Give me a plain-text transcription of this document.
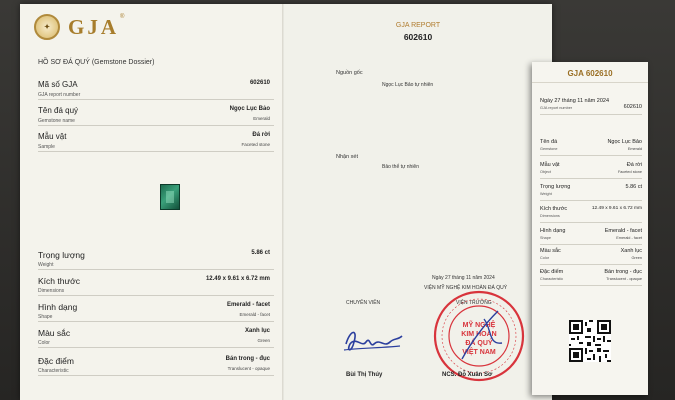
✦ GJA ®
HỒ SƠ ĐÁ QUÝ (Gemstone Dossier)
Mã số GJA
GJA report number
602610
Tên đá quý
Gemstone name
Ngọc Lục Bảo
Emerald
Mẫu vật
Sample
Đá rời
Faceted stone
Trọng lượng
Weight
5.86 ct
Kích thước
Dimensions
12.49 x 9.61 x 6.72 mm
Hình dạng
Shape
Emerald - facet
Emerald - facet
Màu sắc
Color
Xanh lục
Green
Đặc điểm
Characteristic
Bán trong - đục
Translucent - opaque
GJA REPORT
602610
Nguồn gốc
Ngọc Lục Bảo tự nhiên
Nhận xét
Bảo thể tự nhiên
Ngày 27 tháng 11 năm 2024
VIỆN MỸ NGHỆ KIM HOÀN ĐÁ QUÝ
VIỆN TRƯỞNG
CHUYÊN VIÊN
MỸ NGHỆ
KIM HOÀN
ĐÁ QUÝ
VIỆT NAM
Bùi Thị Thúy	NCS. Đỗ Xuân Sơ
GJA 602610
Ngày 27 tháng 11 năm 2024
GJA report number	602610
Tên đá
Gemstone
Ngọc Lục Bảo
Emerald
Mẫu vật
Object
Đá rời
Faceted stone
Trọng lượng
Weight
5.86 ct
Kích thước
Dimensions
12.49 x 9.61 x 6.72 mm
Hình dạng
Shape
Emerald - facet
Emerald - facet
Màu sắc
Color
Xanh lục
Green
Đặc điểm
Characteristic
Bán trong - đục
Translucent - opaque
